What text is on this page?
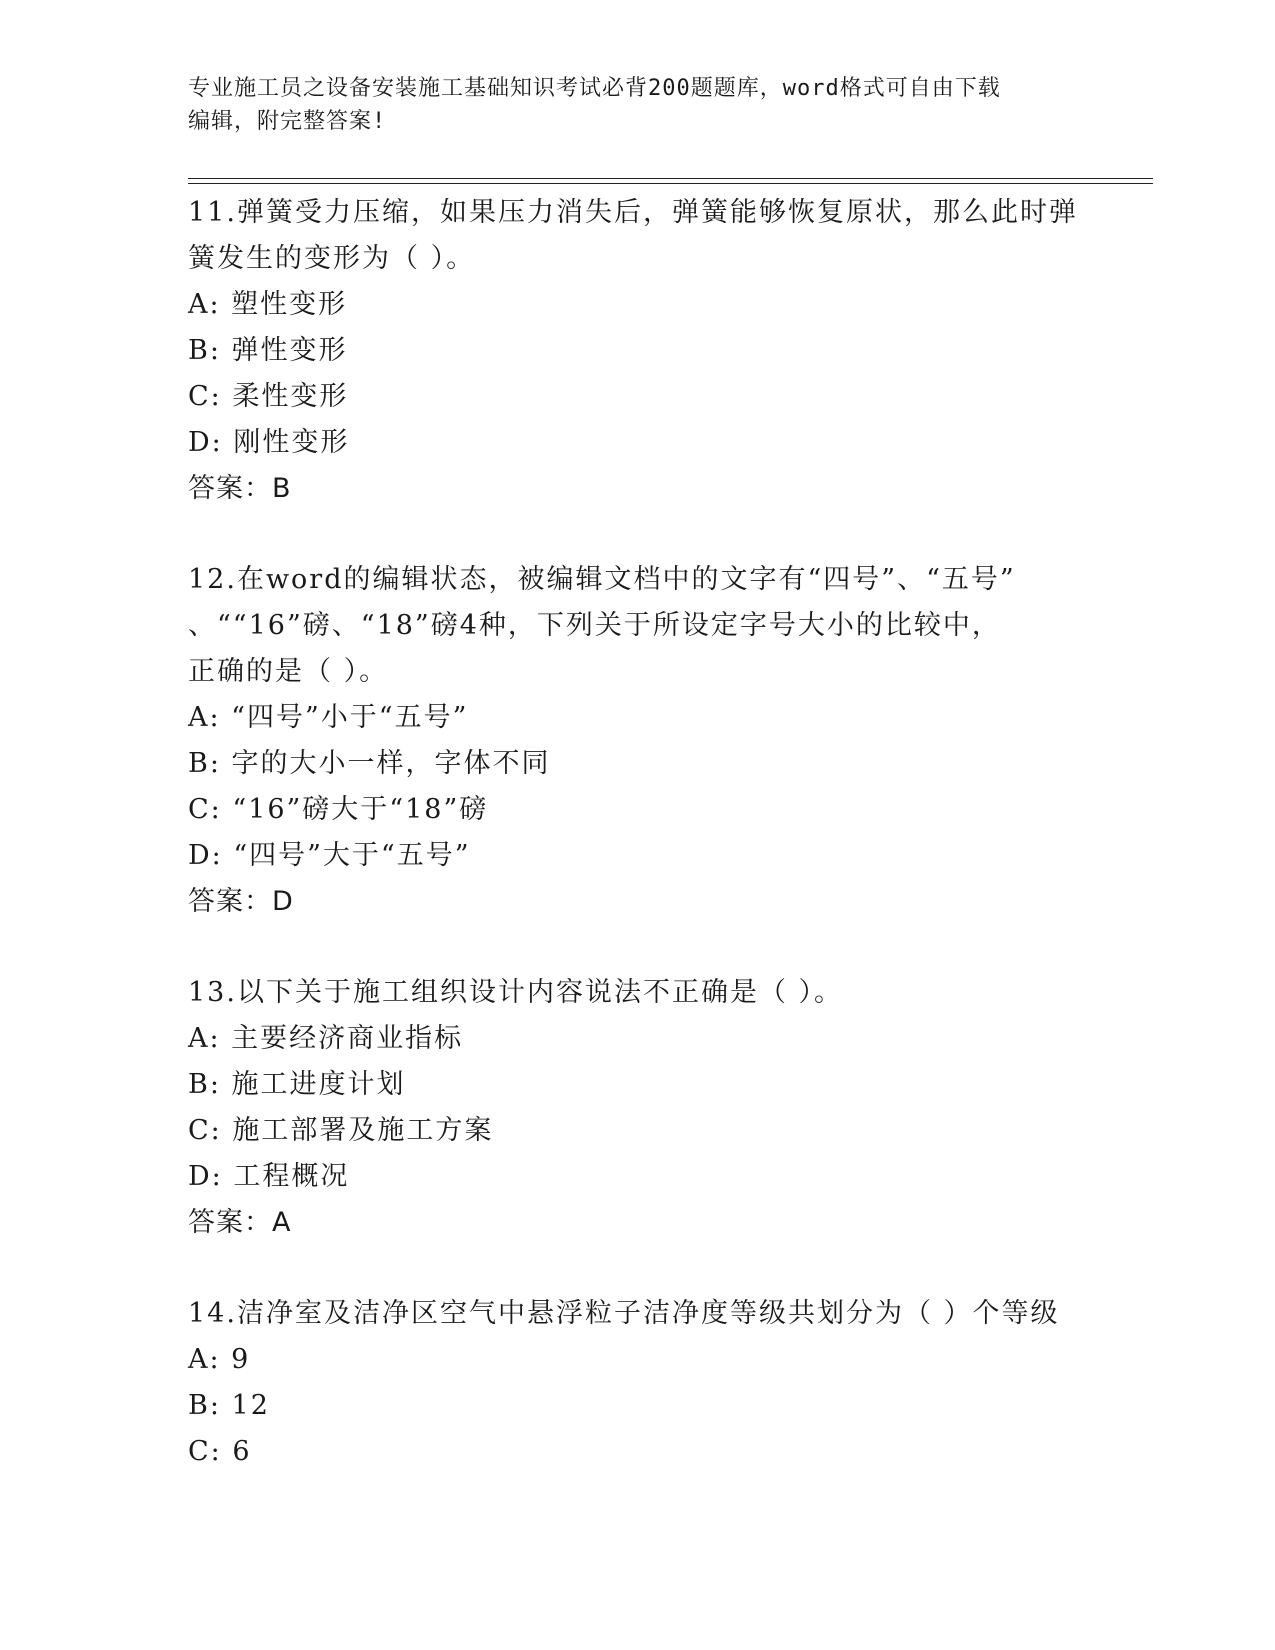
专业施工员之设备安装施工基础知识考试必背200题题库，word格式可自由下载
编辑，附完整答案!

11.弹簧受力压缩，如果压力消失后，弹簧能够恢复原状，那么此时弹

簧发生的变形为（ ）。

A: 塑性变形

B: 弹性变形

C: 柔性变形

D: 刚性变形

答案：B

12.在word的编辑状态，被编辑文档中的文字有“四号”、“五号”

、““16”磅、“18”磅4种，下列关于所设定字号大小的比较中，

正确的是（ ）。

A: “四号”小于“五号”

B: 字的大小一样，字体不同

C: “16”磅大于“18”磅

D: “四号”大于“五号”

答案：D

13.以下关于施工组织设计内容说法不正确是（ ）。

A: 主要经济商业指标

B: 施工进度计划

C: 施工部署及施工方案

D: 工程概况

答案：A

14.洁净室及洁净区空气中悬浮粒子洁净度等级共划分为（ ）个等级

A: 9

B: 12

C: 6
